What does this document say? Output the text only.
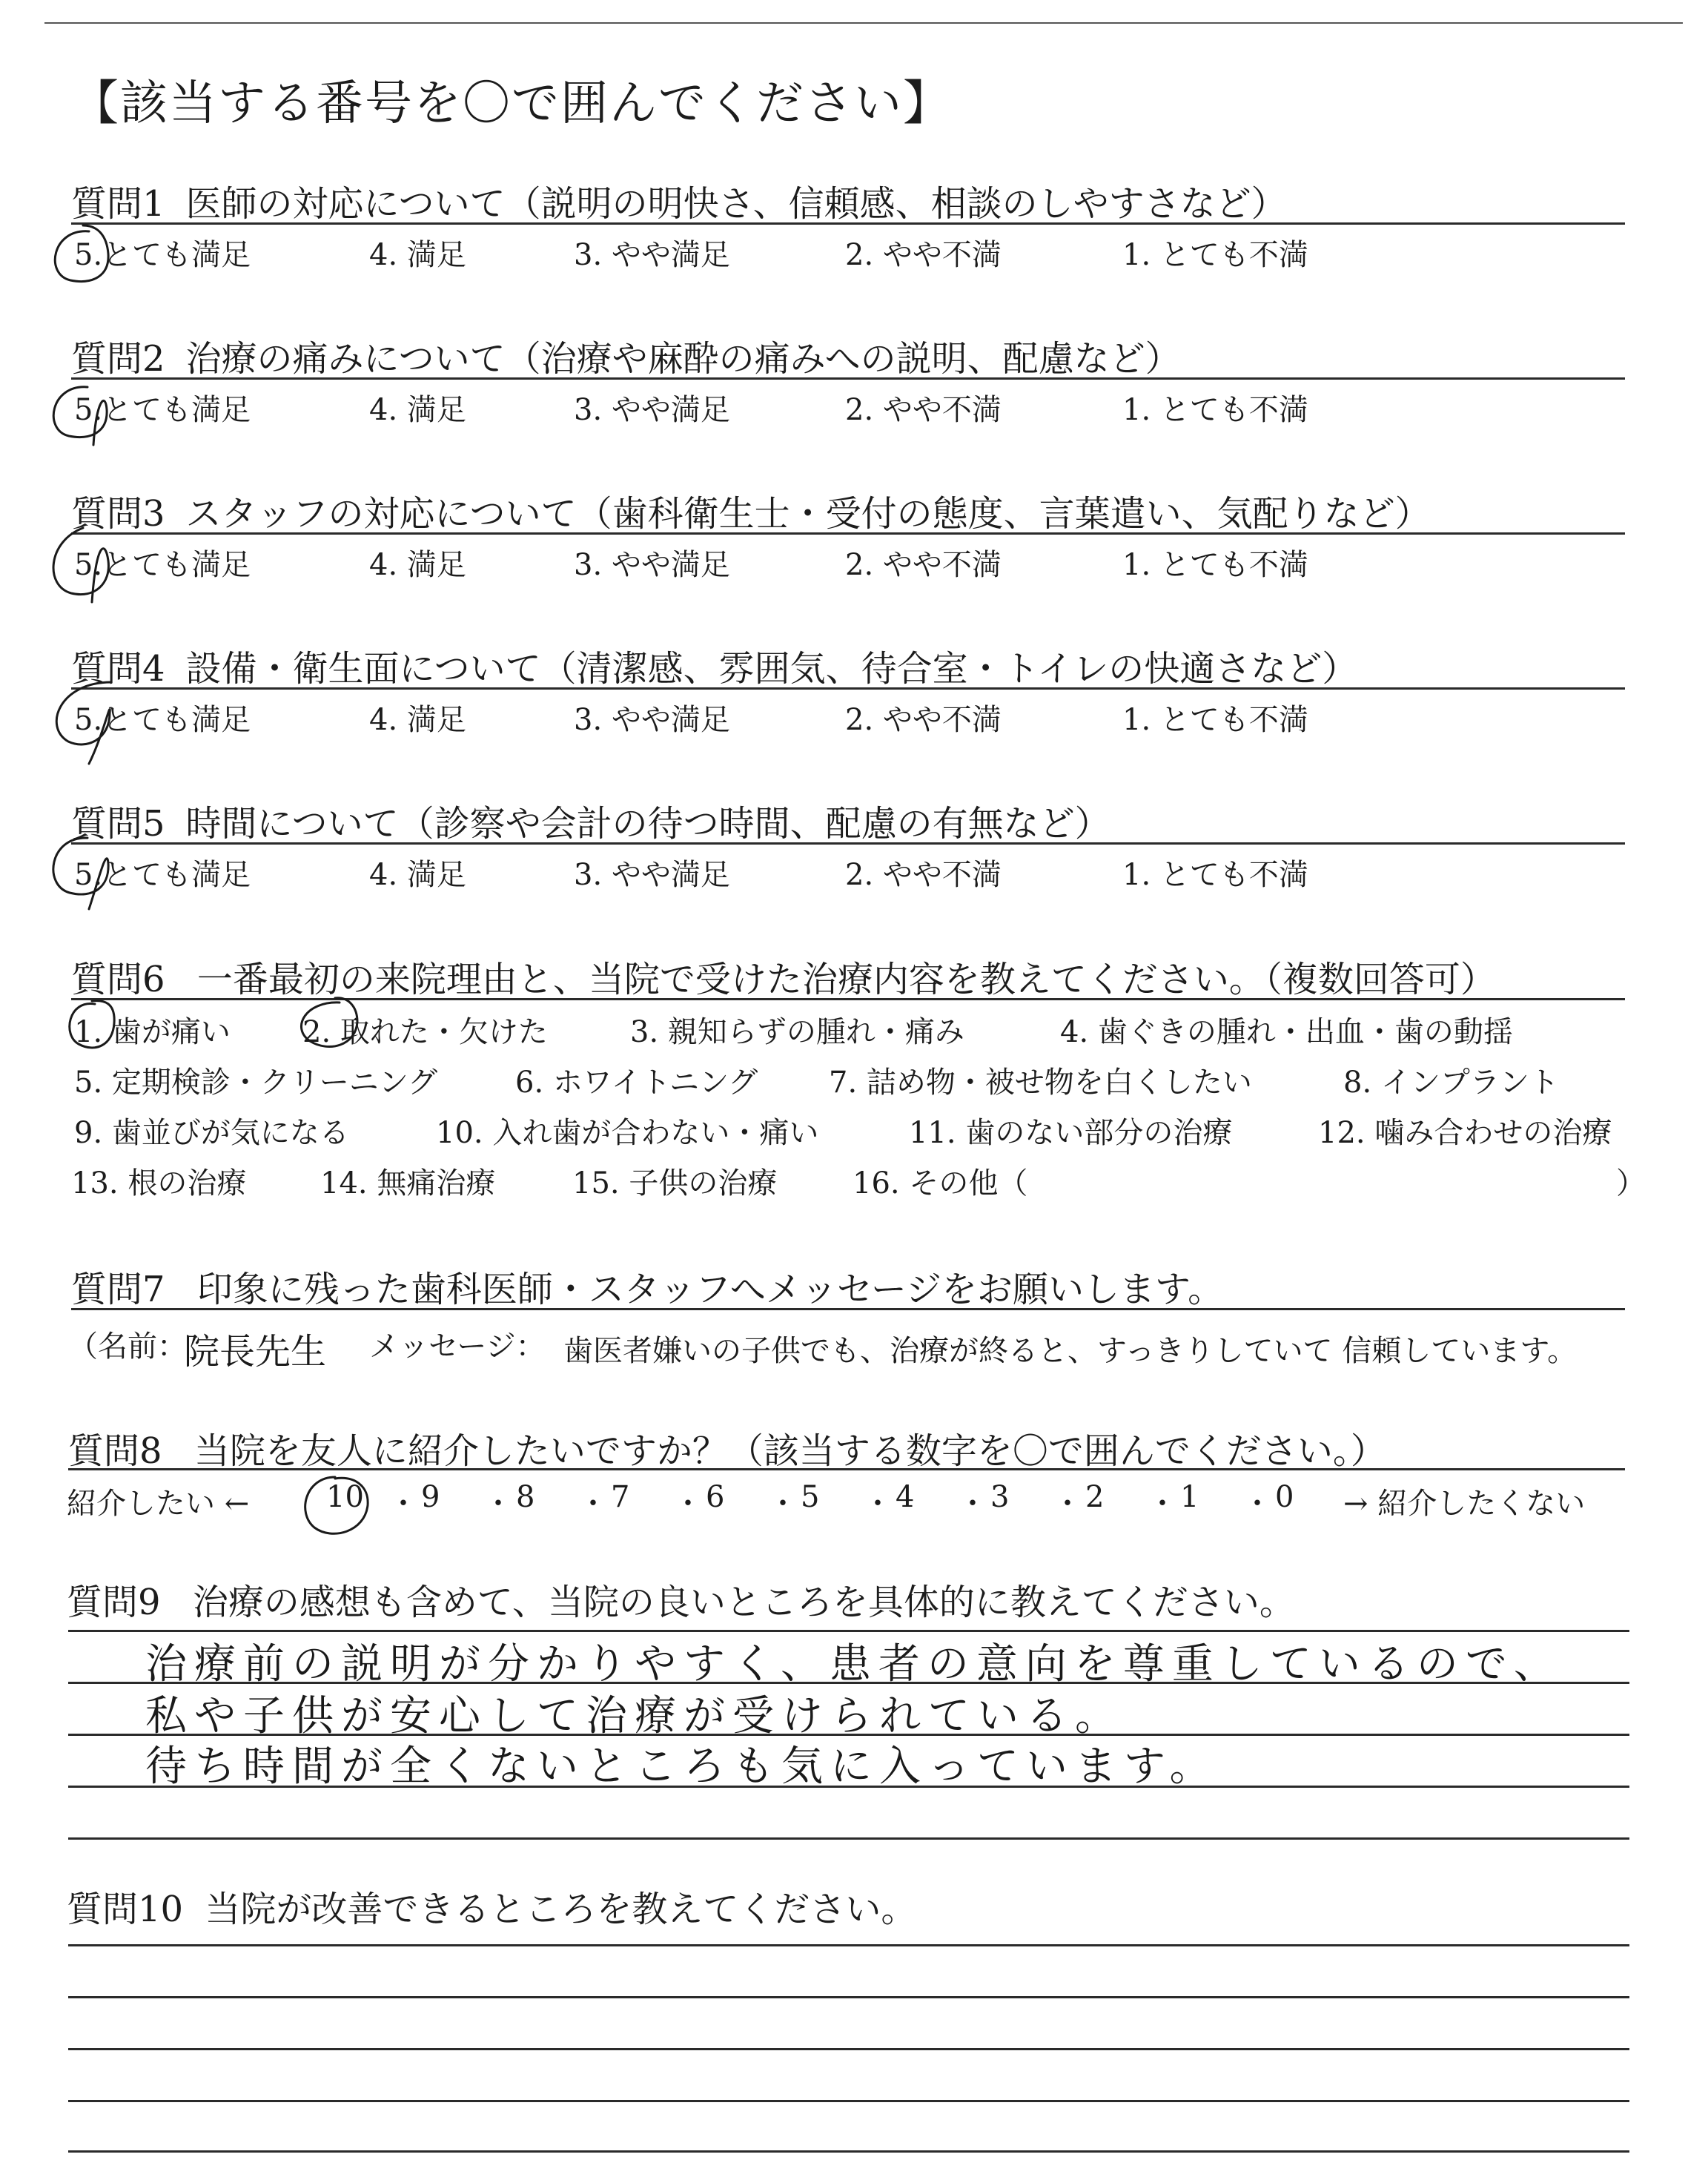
【該当する番号を〇で囲んでください】
質問1 医師の対応について（説明の明快さ、信頼感、相談のしやすさなど）
5.とても満足	4. 満足	3. やや満足	2. やや不満	1. とても不満
質問2 治療の痛みについて（治療や麻酔の痛みへの説明、配慮など）
5.とても満足	4. 満足	3. やや満足	2. やや不満	1. とても不満
質問3 スタッフの対応について（歯科衛生士・受付の態度、言葉遣い、気配りなど）
5.とても満足	4. 満足	3. やや満足	2. やや不満	1. とても不満
質問4 設備・衛生面について（清潔感、雰囲気、待合室・トイレの快適さなど）
5.とても満足	4. 満足	3. やや満足	2. やや不満	1. とても不満
質問5 時間について（診察や会計の待つ時間、配慮の有無など）
5.とても満足	4. 満足	3. やや満足	2. やや不満	1. とても不満
質問6 一番最初の来院理由と、当院で受けた治療内容を教えてください。（複数回答可）
1. 歯が痛い 2. 取れた・欠けた	3. 親知らずの腫れ・痛み	4. 歯ぐきの腫れ・出血・歯の動揺
5. 定期検診・クリーニング	6. ホワイトニング 7. 詰め物・被せ物を白くしたい	8. インプラント
9. 歯並びが気になる	10. 入れ歯が合わない・痛い	11. 歯のない部分の治療	12. 噛み合わせの治療
13. 根の治療 14. 無痛治療	15. 子供の治療	16. その他（	）
質問7 印象に残った歯科医師・スタッフへメッセージをお願いします。
（名前：
院長先生 メッセージ： 歯医者嫌いの子供でも、治療が終ると、すっきりしていて 信頼しています。
質問8 当院を友人に紹介したいですか？（該当する数字を〇で囲んでください。）
紹介したい ←	10 ・ 9 ・ 8 ・ 7 ・ 6 ・ 5 ・ 4 ・ 3 ・ 2 ・ 1 ・ 0 → 紹介したくない
質問9 治療の感想も含めて、当院の良いところを具体的に教えてください。
治療前の説明が分かりやすく、患者の意向を尊重しているので、
私や子供が安心して治療が受けられている。
待ち時間が全くないところも気に入っています。
質問10 当院が改善できるところを教えてください。
